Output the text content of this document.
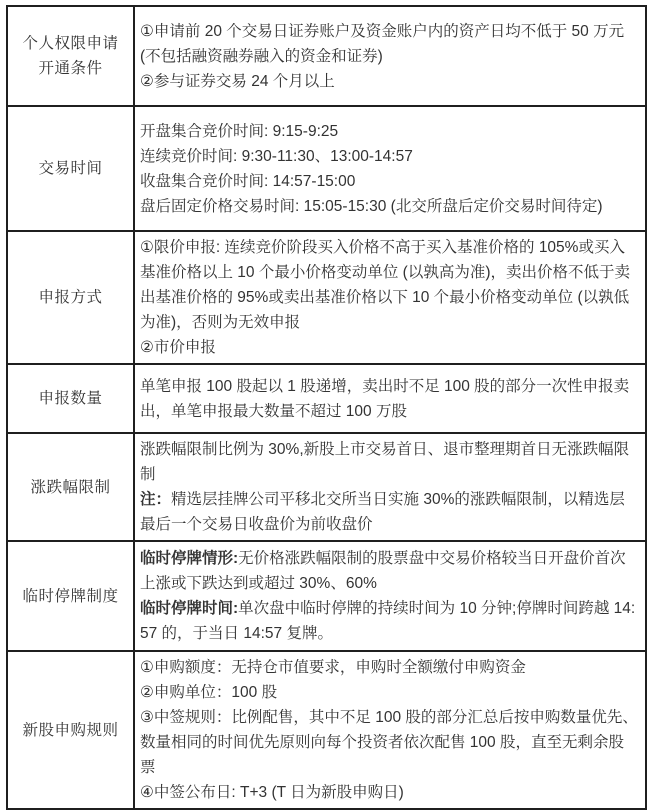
个人权限申请开通条件

①申请前 20 个交易日证券账户及资金账户内的资产日均不低于 50 万元 (不包括融资融券融入的资金和证券)

②参与证券交易 24 个月以上

交易时间

开盘集合竞价时间: 9:15-9:25

连续竞价时间: 9:30-11:30、13:00-14:57

收盘集合竞价时间: 14:57-15:00

盘后固定价格交易时间: 15:05-15:30 (北交所盘后定价交易时间待定)

申报方式

①限价申报: 连续竞价阶段买入价格不高于买入基准价格的 105%或买入基准价格以上 10 个最小价格变动单位 (以孰高为准)，卖出价格不低于卖出基准价格的 95%或卖出基准价格以下 10 个最小价格变动单位 (以孰低为准)，否则为无效申报

②市价申报

申报数量

单笔申报 100 股起以 1 股递增，卖出时不足 100 股的部分一次性申报卖出，单笔申报最大数量不超过 100 万股

涨跌幅限制

涨跌幅限制比例为 30%,新股上市交易首日、退市整理期首日无涨跌幅限制

注：精选层挂牌公司平移北交所当日实施 30%的涨跌幅限制，以精选层最后一个交易日收盘价为前收盘价

临时停牌制度

临时停牌情形:无价格涨跌幅限制的股票盘中交易价格较当日开盘价首次上涨或下跌达到或超过 30%、60%

临时停牌时间:单次盘中临时停牌的持续时间为 10 分钟;停牌时间跨越 14:57 的，于当日 14:57 复牌。

新股申购规则

①申购额度：无持仓市值要求，申购时全额缴付申购资金

②申购单位：100 股

③中签规则：比例配售，其中不足 100 股的部分汇总后按申购数量优先、数量相同的时间优先原则向每个投资者依次配售 100 股，直至无剩余股票

④中签公布日: T+3 (T 日为新股申购日)
